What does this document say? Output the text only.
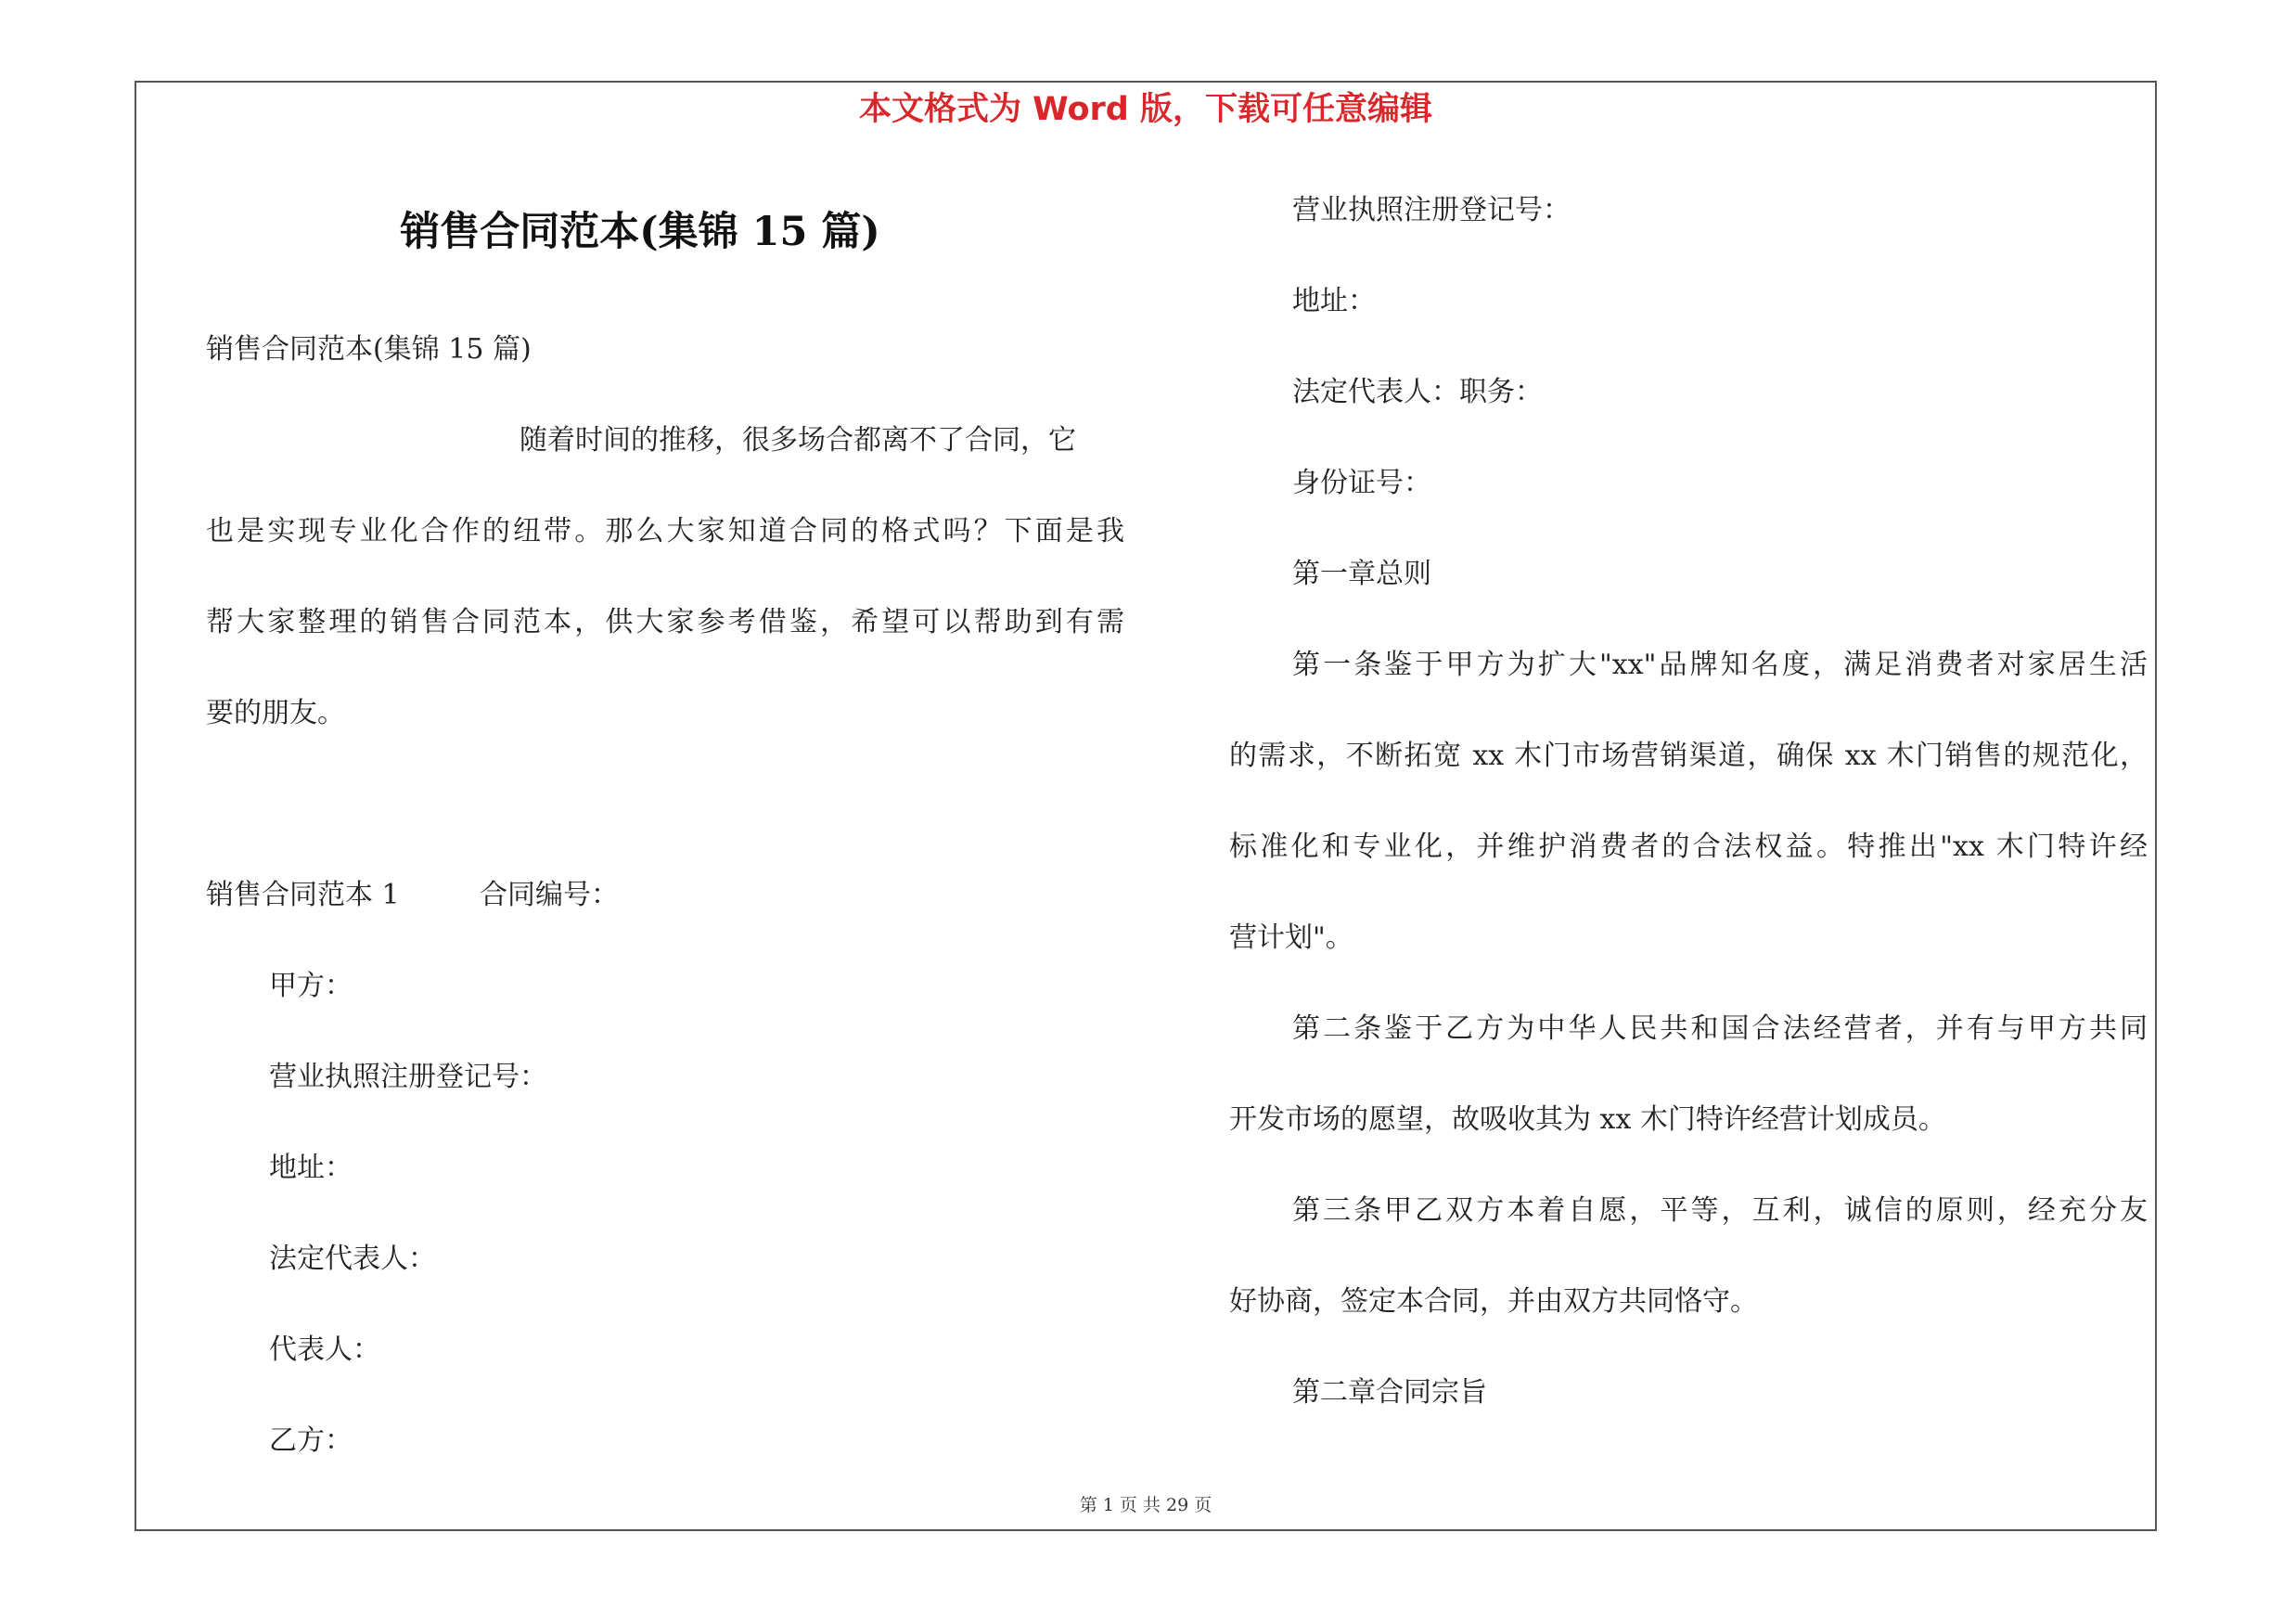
本文格式为 Word 版，下载可任意编辑
销售合同范本(集锦 15 篇)
销售合同范本(集锦 15 篇)
随着时间的推移，很多场合都离不了合同，它
也是实现专业化合作的纽带。那么大家知道合同的格式吗？下面是我
帮大家整理的销售合同范本，供大家参考借鉴，希望可以帮助到有需
要的朋友。
销售合同范本 1	合同编号：
甲方：
营业执照注册登记号：
地址：
法定代表人：
代表人：
乙方：
营业执照注册登记号：
地址：
法定代表人：职务：
身份证号：
第一章总则
第一条鉴于甲方为扩大"xx"品牌知名度，满足消费者对家居生活
的需求，不断拓宽 xx 木门市场营销渠道，确保 xx 木门销售的规范化，
标准化和专业化，并维护消费者的合法权益。特推出"xx 木门特许经
营计划"。
第二条鉴于乙方为中华人民共和国合法经营者，并有与甲方共同
开发市场的愿望，故吸收其为 xx 木门特许经营计划成员。
第三条甲乙双方本着自愿，平等，互利，诚信的原则，经充分友
好协商，签定本合同，并由双方共同恪守。
第二章合同宗旨
第 1 页 共 29 页
